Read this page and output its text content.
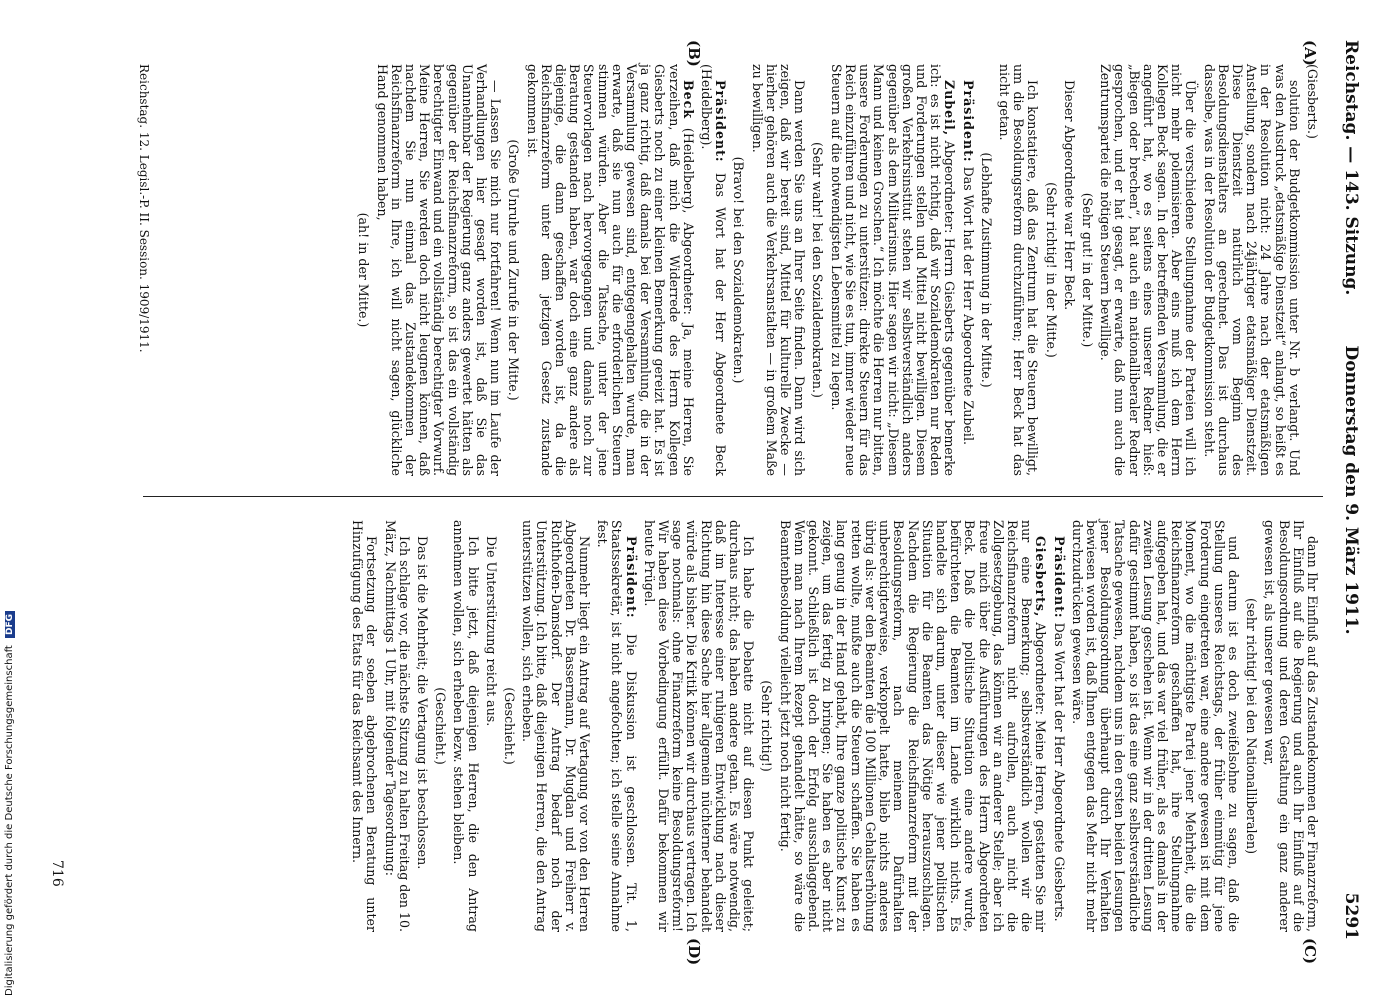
Reichstag. — 143. Sitzung.
Donnerstag den 9. März 1911.
5291
(A)
(B)
(C)
(D)

(Giesberts.)

solution der Budgetkommission unter Nr. b verlangt. Und was den Ausdruck „etatsmäßige Dienstzeit“ anlangt, so heißt es in der Resolution nicht: 24 Jahre nach der etatsmäßigen Anstellung, sondern nach 24jähriger etatsmäßiger Dienstzeit. Diese Dienstzeit natürlich vom Beginn des Besoldungsdienstalters an gerechnet. Das ist durchaus dasselbe, was in der Resolution der Budgetkommission steht.

Über die verschiedene Stellungnahme der Parteien will ich nicht mehr polemisieren. Aber eins muß ich dem Herrn Kollegen Beck sagen. In der betreffenden Versammlung, die er angeführt hat, wo es seitens eines unserer Redner hieß: „Biegen oder brechen“, hat auch ein nationalliberaler Redner gesprochen, und er hat gesagt, er erwarte, daß nun auch die Zentrumspartei die nötigen Steuern bewillige.

(Sehr gut! in der Mitte.)

Dieser Abgeordnete war Herr Beck.

(Sehr richtig! in der Mitte.)

Ich konstatiere, daß das Zentrum hat die Steuern bewilligt, um die Besoldungsreform durchzuführen; Herr Beck hat das nicht getan.

(Lebhafte Zustimmung in der Mitte.)

Präsident: Das Wort hat der Herr Abgeordnete Zubeil.

Zubeil, Abgeordneter: Herrn Giesberts gegenüber bemerke ich: es ist nicht richtig, daß wir Sozialdemokraten nur Reden und Forderungen stellen und Mittel nicht bewilligen. Diesem großen Verkehrsinstitut stehen wir selbstverständlich anders gegenüber als dem Militarismus. Hier sagen wir nicht: „Diesem Mann und keinen Groschen.“ Ich möchte die Herren nur bitten, unsere Forderungen zu unterstützen: direkte Steuern für das Reich einzuführen und nicht, wie Sie es tun, immer wieder neue Steuern auf die notwendigsten Lebensmittel zu legen.

(Sehr wahr! bei den Sozialdemokraten.)

Dann werden Sie uns an Ihrer Seite finden. Dann wird sich zeigen, daß wir bereit sind, Mittel für kulturelle Zwecke — hierher gehören auch die Verkehrsanstalten — in großem Maße zu bewilligen.

(Bravo! bei den Sozialdemokraten.)

Präsident: Das Wort hat der Herr Abgeordnete Beck (Heidelberg).

Beck (Heidelberg), Abgeordneter: Ja, meine Herren, Sie verzeihen, daß mich die Widerrede des Herrn Kollegen Giesberts noch zu einer kleinen Bemerkung gereizt hat. Es ist ja ganz richtig, daß damals bei der Versammlung, die in der Versammlung gewesen sind, entgegengehalten wurde, man erwarte, daß sie nun auch für die erforderlichen Steuern stimmen würden. Aber die Tatsache, unter der jene Steuervorlagen nach hervorgegangen und damals noch zur Beratung gestanden haben, war doch eine ganz andere als diejenige, die dann geschaffen worden ist, da die Reichsfinanzreform unter dem jetzigen Gesetz zustande gekommen ist.

(Große Unruhe und Zurufe in der Mitte.)

— Lassen Sie mich nur fortfahren! Wenn nun im Laufe der Verhandlungen hier gesagt worden ist, daß Sie das Unannehmbar der Regierung ganz anders gewertet hätten als gegenüber der Reichsfinanzreform, so ist das ein vollständig berechtigter Einwand und ein vollständig berechtigter Vorwurf. Meine Herren, Sie werden doch nicht leugnen können, daß nachdem Sie nun einmal das Zustandekommen der Reichsfinanzreform in Ihre, ich will nicht sagen, glückliche Hand genommen haben,

(ah! in der Mitte.)

dann Ihr Einfluß auf das Zustandekommen der Finanzreform, Ihr Einfluß auf die Regierung und auch Ihr Einfluß auf die Besoldungsordnung und deren Gestaltung ein ganz anderer gewesen ist, als unserer gewesen war,

(sehr richtig! bei den Nationalliberalen)

und darum ist es doch zweifelsohne zu sagen, daß die Stellung unseres Reichstags, der früher einmütig für jene Forderung eingetreten war, eine andere gewesen ist mit dem Moment, wo die mächtigste Partei jener Mehrheit, die die Reichsfinanzreform geschaffen hat, ihre Stellungnahme aufgegeben hat, und das war viel früher, als es damals in der zweiten Lesung geschehen ist. Wenn wir in der dritten Lesung dafür gestimmt haben, so ist das eine ganz selbstverständliche Tatsache gewesen, nachdem uns in den ersten beiden Lesungen jener Besoldungsordnung überhaupt durch Ihr Verhalten bewiesen worden ist, daß Ihnen entgegen das Mehr nicht mehr durchzudrücken gewesen wäre.

Präsident: Das Wort hat der Herr Abgeordnete Giesberts.

Giesberts, Abgeordneter: Meine Herren, gestatten Sie mir nur eine Bemerkung; selbstverständlich wollen wir die Reichsfinanzreform nicht aufrollen, auch nicht die Zollgesetzgebung, das können wir an anderer Stelle; aber ich freue mich über die Ausführungen des Herrn Abgeordneten Beck. Daß die politische Situation eine andere wurde, befürchteten die Beamten im Lande wirklich nichts. Es handelte sich darum, unter dieser wie jener politischen Situation für die Beamten das Nötige herauszuschlagen. Nachdem die Regierung die Reichsfinanzreform mit der Besoldungsreform, nach meinem Dafürhalten unberechtigterweise, verkoppelt hatte, blieb nichts anderes übrig als: wer den Beamten die 100 Millionen Gehaltserhöhung retten wollte, mußte auch die Steuern schaffen. Sie haben es lang genug in der Hand gehabt, Ihre ganze politische Kunst zu zeigen, um das fertig zu bringen; Sie haben es aber nicht gekonnt. Schließlich ist doch der Erfolg ausschlaggebend. Wenn man nach Ihrem Rezept gehandelt hätte, so wäre die Beamtenbesoldung vielleicht jetzt noch nicht fertig.

(Sehr richtig!)

Ich habe die Debatte nicht auf diesen Punkt geleitet; durchaus nicht; das haben andere getan. Es wäre notwendig, daß im Interesse einer ruhigeren Entwicklung nach dieser Richtung hin diese Sache hier allgemein nüchterner behandelt würde als bisher. Die Kritik können wir durchaus vertragen. Ich sage nochmals: ohne Finanzreform keine Besoldungsreform! Wir haben diese Vorbedingung erfüllt. Dafür bekommen wir heute Prügel.

Präsident: Die Diskussion ist geschlossen. Tit. 1, Staatssekretär, ist nicht angefochten; ich stelle seine Annahme fest.

Nunmehr liegt ein Antrag auf Vertagung vor von den Herren Abgeordneten Dr. Bassermann, Dr. Mugdan und Freiherr v. Richthofen-Damsdorf. Der Antrag bedarf noch der Unterstützung. Ich bitte, daß diejenigen Herren, die den Antrag unterstützen wollen, sich erheben.

(Geschieht.)

Die Unterstützung reicht aus.

Ich bitte jetzt, daß diejenigen Herren, die den Antrag annehmen wollen, sich erheben bezw. stehen bleiben.

(Geschieht.)

Das ist die Mehrheit; die Vertagung ist beschlossen.

Ich schlage vor, die nächste Sitzung zu halten Freitag den 10. März, Nachmittags 1 Uhr, mit folgender Tagesordnung:

Fortsetzung der soeben abgebrochenen Beratung unter Hinzufügung des Etats für das Reichsamt des Innern.

Reichstag. 12. Legisl.-P. II. Session. 1909/1911.
716
Digitalisierung gefördert durch die Deutsche Forschungsgemeinschaft DFG
